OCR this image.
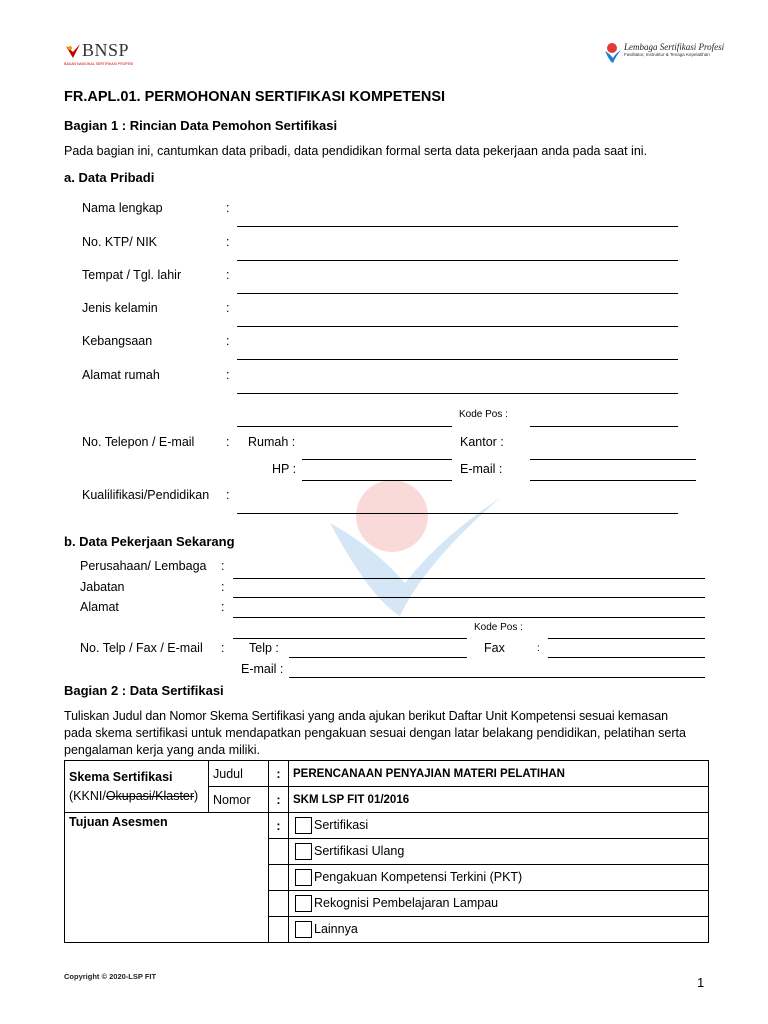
BNSP
BADAN NASIONAL SERTIFIKASI PROFESI
Lembaga Sertifikasi Profesi
Fasilitator, Instruktur & Tenaga Kepelatihan
FR.APL.01. PERMOHONAN SERTIFIKASI KOMPETENSI
Bagian 1 : Rincian Data Pemohon Sertifikasi
Pada bagian ini, cantumkan data pribadi, data pendidikan formal serta data pekerjaan anda pada saat ini.
a. Data Pribadi
Nama lengkap	:
No. KTP/ NIK	:
Tempat / Tgl. lahir	:
Jenis kelamin	:
Kebangsaan	:
Alamat rumah	:
Kode Pos :
No. Telepon / E-mail	: Rumah :	Kantor :
HP :	E-mail :
Kualilifikasi/Pendidikan :
b. Data Pekerjaan Sekarang
Perusahaan/ Lembaga :
Jabatan	:
Alamat	:
Kode Pos :
No. Telp / Fax / E-mail : Telp :	Fax	:
E-mail :
Bagian 2 : Data Sertifikasi
Tuliskan Judul dan Nomor Skema Sertifikasi yang anda ajukan berikut Daftar Unit Kompetensi sesuai kemasan
pada skema sertifikasi untuk mendapatkan pengakuan sesuai dengan latar belakang pendidikan, pelatihan serta
pengalaman kerja yang anda miliki.
Skema Sertifikasi
(KKNI/Okupasi/Klaster)	Judul	:	PERENCANAAN PENYAJIAN MATERI PELATIHAN
	Nomor	:	SKM LSP FIT 01/2016
Tujuan Asesmen		:	Sertifikasi
			Sertifikasi Ulang
			Pengakuan Kompetensi Terkini (PKT)
			Rekognisi Pembelajaran Lampau
			Lainnya
Copyright © 2020-LSP FIT	1
